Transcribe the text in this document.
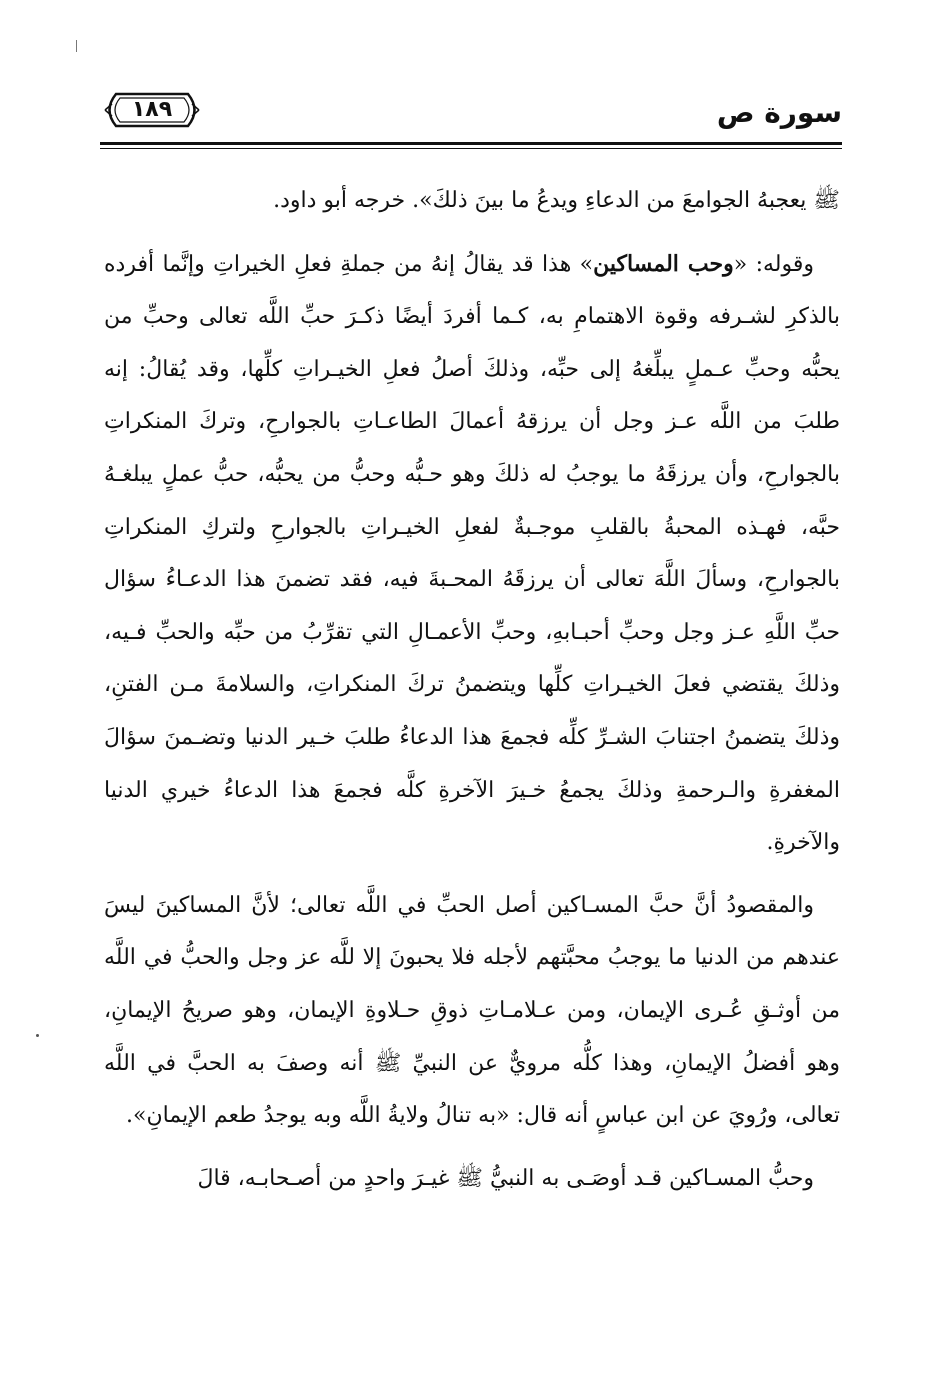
سورة ص
١٨٩

ﷺ يعجبهُ الجوامعَ من الدعاءِ ويدعُ ما بينَ ذلكَ». خرجه أبو داود.

وقوله: «وحب المساكين» هذا قد يقالُ إنهُ من جملةِ فعلِ الخيراتِ وإنَّما أفرده بالذكرِ لشـرفه وقوة الاهتمامِ به، كـما أفردَ أيضًا ذكـرَ حبِّ اللَّه تعالى وحبِّ من يحبُّه وحبِّ عـملٍ يبلِّغهُ إلى حبِّه، وذلكَ أصلُ فعلِ الخيـراتِ كلِّها، وقد يُقالُ: إنه طلبَ من اللَّه عـز وجل أن يرزقهُ أعمالَ الطاعـاتِ بالجوارحِ، وتركَ المنكراتِ بالجوارحِ، وأن يرزقَهُ ما يوجبُ له ذلكَ وهو حـبُّه وحبُّ من يحبُّه، حبُّ عملٍ يبلغـهُ حبَّه، فهـذه المحبةُ بالقلبِ موجـبةٌ لفعلِ الخيـراتِ بالجوارحِ ولتركِ المنكراتِ بالجوارحِ، وسألَ اللَّهَ تعالى أن يرزقَهُ المحـبةَ فيه، فقد تضمنَ هذا الدعـاءُ سؤال حبِّ اللَّهِ عـز وجل وحبِّ أحبـابهِ، وحبِّ الأعمـالِ التي تقرِّبُ من حبِّه والحبِّ فـيه، وذلكَ يقتضي فعلَ الخيـراتِ كلِّها ويتضمنُ تركَ المنكراتِ، والسلامةَ مـن الفتنِ، وذلكَ يتضمنُ اجتنابَ الشـرِّ كلِّه فجمعَ هذا الدعاءُ طلبَ خـير الدنيا وتضـمنَ سؤالَ المغفرةِ والـرحمةِ وذلكَ يجمعُ خـيرَ الآخرةِ كلَّه فجمعَ هذا الدعاءُ خيري الدنيا والآخرةِ.

والمقصودُ أنَّ حبَّ المسـاكين أصل الحبِّ في اللَّه تعالى؛ لأنَّ المساكينَ ليسَ عندهم من الدنيا ما يوجبُ محبَّتهم لأجله فلا يحبونَ إلا للَّه عز وجل والحبُّ في اللَّه من أوثـقِ عُـرى الإيمان، ومن عـلامـاتِ ذوقِ حـلاوةِ الإيمان، وهو صريحُ الإيمانِ، وهو أفضلُ الإيمانِ، وهذا كلُّه مرويٌّ عن النبيِّ ﷺ أنه وصفَ به الحبَّ في اللَّه تعالى، ورُويَ عن ابن عباسٍ أنه قال: «به تنالُ ولايةُ اللَّه وبه يوجدُ طعم الإيمانِ».

وحبُّ المسـاكين قـد أوصَـى به النبيُّ ﷺ غيـرَ واحدٍ من أصـحابـه، قالَ
